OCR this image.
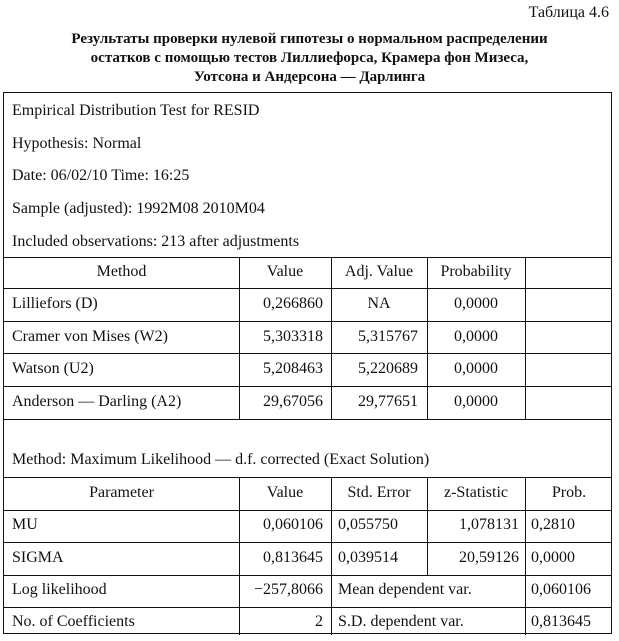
Таблица 4.6
Результаты проверки нулевой гипотезы о нормальном распределении
остатков с помощью тестов Лиллиефорса, Крамера фон Мизеса,
Уотсона и Андерсона — Дарлинга
Empirical Distribution Test for RESID
Hypothesis: Normal
Date: 06/02/10 Time: 16:25
Sample (adjusted): 1992M08 2010M04
Included observations: 213 after adjustments
Method	Value	Adj. Value	Probability
Lilliefors (D)	0,266860	NA	0,0000
Cramer von Mises (W2)	5,303318	5,315767	0,0000
Watson (U2)	5,208463	5,220689	0,0000
Anderson — Darling (A2)	29,67056	29,77651	0,0000
Method: Maximum Likelihood — d.f. corrected (Exact Solution)
Parameter	Value	Std. Error	z-Statistic	Prob.
MU	0,060106 0,055750	1,078131 0,2810
SIGMA	0,813645 0,039514	20,59126 0,0000
Log likelihood	−257,8066 Mean dependent var.	0,060106
No. of Coefficients	2 S.D. dependent var.	0,813645
